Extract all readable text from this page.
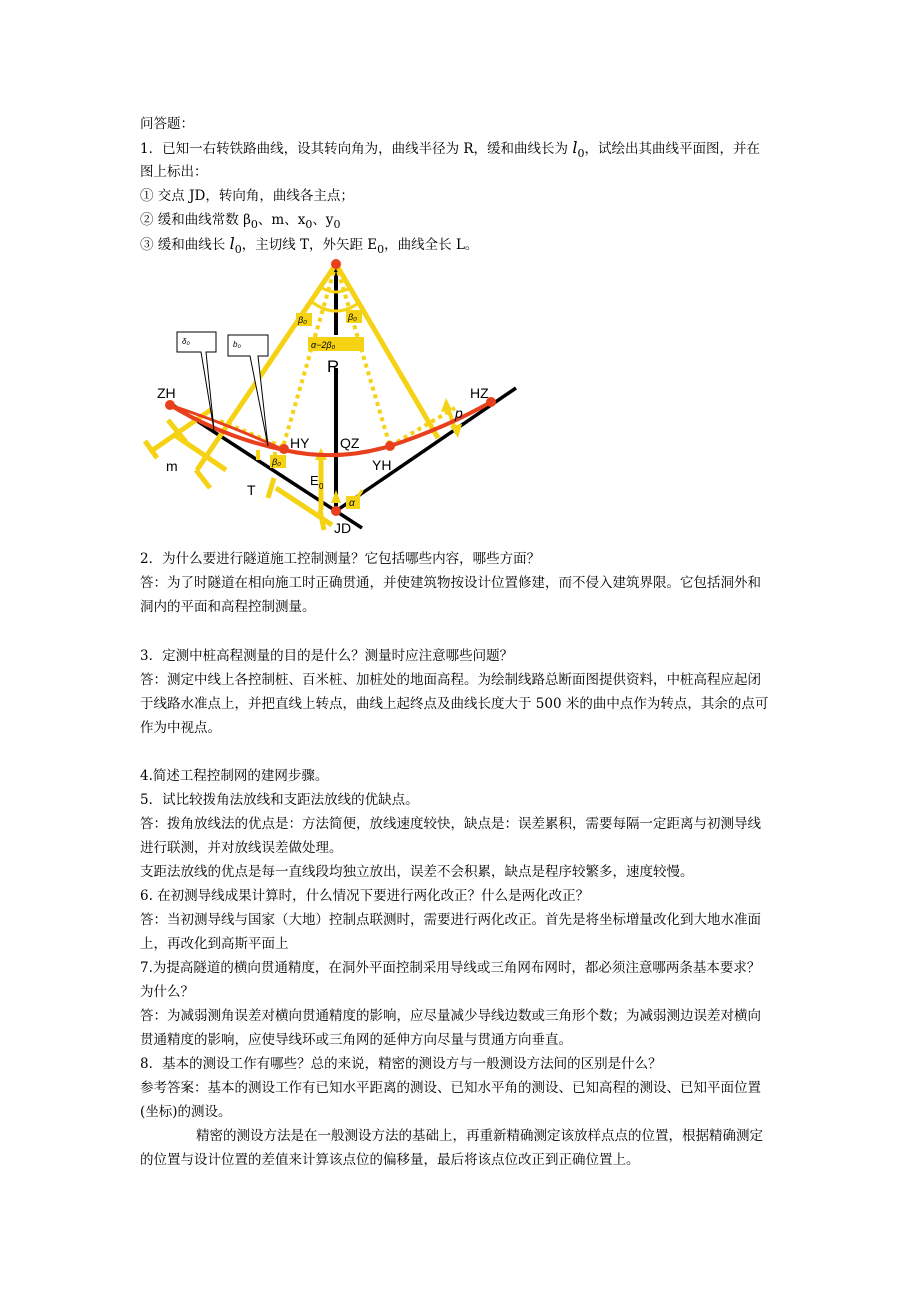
问答题：
1．已知一右转铁路曲线，设其转向角为，曲线半径为 R，缓和曲线长为 $l_0$，试绘出其曲线平面图，并在
图上标出：
① 交点 JD，转向角，曲线各主点；
② 缓和曲线常数 $\beta_0$、m、$x_0$、$y_0$
③ 缓和曲线长 $l_0$，主切线 T，外矢距 $E_0$，曲线全长 L。
δ₀	b₀
β₀	β₀
α−2β₀
β₀
α
ZH	HZ
HY QZ
YH
JD
R
m
T
E 0
p
2．为什么要进行隧道施工控制测量？它包括哪些内容，哪些方面？
答：为了时隧道在相向施工时正确贯通，并使建筑物按设计位置修建，而不侵入建筑界限。它包括洞外和
洞内的平面和高程控制测量。
3．定测中桩高程测量的目的是什么？测量时应注意哪些问题？
答：测定中线上各控制桩、百米桩、加桩处的地面高程。为绘制线路总断面图提供资料，中桩高程应起闭
于线路水准点上，并把直线上转点，曲线上起终点及曲线长度大于 500 米的曲中点作为转点，其余的点可
作为中视点。
4.简述工程控制网的建网步骤。
5．试比较拨角法放线和支距法放线的优缺点。
答：拨角放线法的优点是：方法简便，放线速度较快，缺点是：误差累积，需要每隔一定距离与初测导线
进行联测，并对放线误差做处理。
支距法放线的优点是每一直线段均独立放出，误差不会积累，缺点是程序较繁多，速度较慢。
6. 在初测导线成果计算时，什么情况下要进行两化改正？什么是两化改正？
答：当初测导线与国家（大地）控制点联测时，需要进行两化改正。首先是将坐标增量改化到大地水准面
上，再改化到高斯平面上
7.为提高隧道的横向贯通精度，在洞外平面控制采用导线或三角网布网时，都必须注意哪两条基本要求？
为什么？
答：为减弱测角误差对横向贯通精度的影响，应尽量减少导线边数或三角形个数；为减弱测边误差对横向
贯通精度的影响，应使导线环或三角网的延伸方向尽量与贯通方向垂直。
8．基本的测设工作有哪些？总的来说，精密的测设方与一般测设方法间的区别是什么？
参考答案：基本的测设工作有已知水平距离的测设、已知水平角的测设、已知高程的测设、已知平面位置
(坐标)的测设。
精密的测设方法是在一般测设方法的基础上，再重新精确测定该放样点点的位置，根据精确测定
的位置与设计位置的差值来计算该点位的偏移量，最后将该点位改正到正确位置上。
